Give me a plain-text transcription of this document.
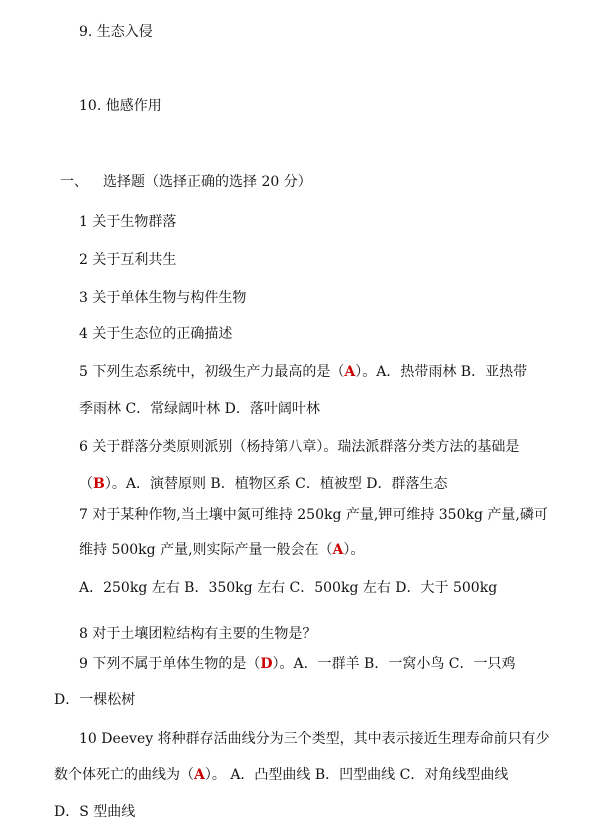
9. 生态入侵
10. 他感作用
一、 选择题（选择正确的选择 20 分）
1 关于生物群落
2 关于互利共生
3 关于单体生物与构件生物
4 关于生态位的正确描述
5 下列生态系统中，初级生产力最高的是（A）。A．热带雨林 B．亚热带
季雨林 C．常绿阔叶林 D．落叶阔叶林
6 关于群落分类原则派别（杨持第八章）。瑞法派群落分类方法的基础是
（B）。A．演替原则 B．植物区系 C．植被型 D．群落生态
7 对于某种作物,当土壤中氮可维持 250kg 产量,钾可维持 350kg 产量,磷可
维持 500kg 产量,则实际产量一般会在（A）。
A．250kg 左右 B．350kg 左右 C．500kg 左右 D．大于 500kg
8 对于土壤团粒结构有主要的生物是？
9 下列不属于单体生物的是（D）。A．一群羊 B．一窝小鸟 C．一只鸡
D．一棵松树
10 Deevey 将种群存活曲线分为三个类型，其中表示接近生理寿命前只有少
数个体死亡的曲线为（A）。 A．凸型曲线 B．凹型曲线 C．对角线型曲线
D．S 型曲线
